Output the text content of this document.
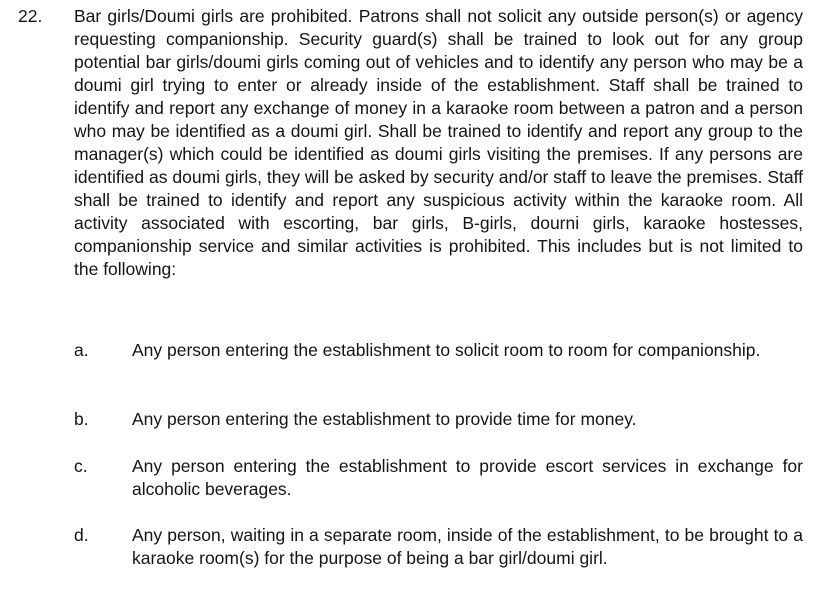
22. Bar girls/Doumi girls are prohibited. Patrons shall not solicit any outside person(s) or agency requesting companionship. Security guard(s) shall be trained to look out for any group potential bar girls/doumi girls coming out of vehicles and to identify any person who may be a doumi girl trying to enter or already inside of the establishment. Staff shall be trained to identify and report any exchange of money in a karaoke room between a patron and a person who may be identified as a doumi girl. Shall be trained to identify and report any group to the manager(s) which could be identified as doumi girls visiting the premises. If any persons are identified as doumi girls, they will be asked by security and/or staff to leave the premises. Staff shall be trained to identify and report any suspicious activity within the karaoke room. All activity associated with escorting, bar girls, B-girls, dourni girls, karaoke hostesses, companionship service and similar activities is prohibited. This includes but is not limited to the following:

a. Any person entering the establishment to solicit room to room for companionship.

b. Any person entering the establishment to provide time for money.

c.	Any person entering the establishment to provide escort services in exchange for alcoholic beverages.

d. Any person, waiting in a separate room, inside of the establishment, to be brought to a karaoke room(s) for the purpose of being a bar girl/doumi girl.
